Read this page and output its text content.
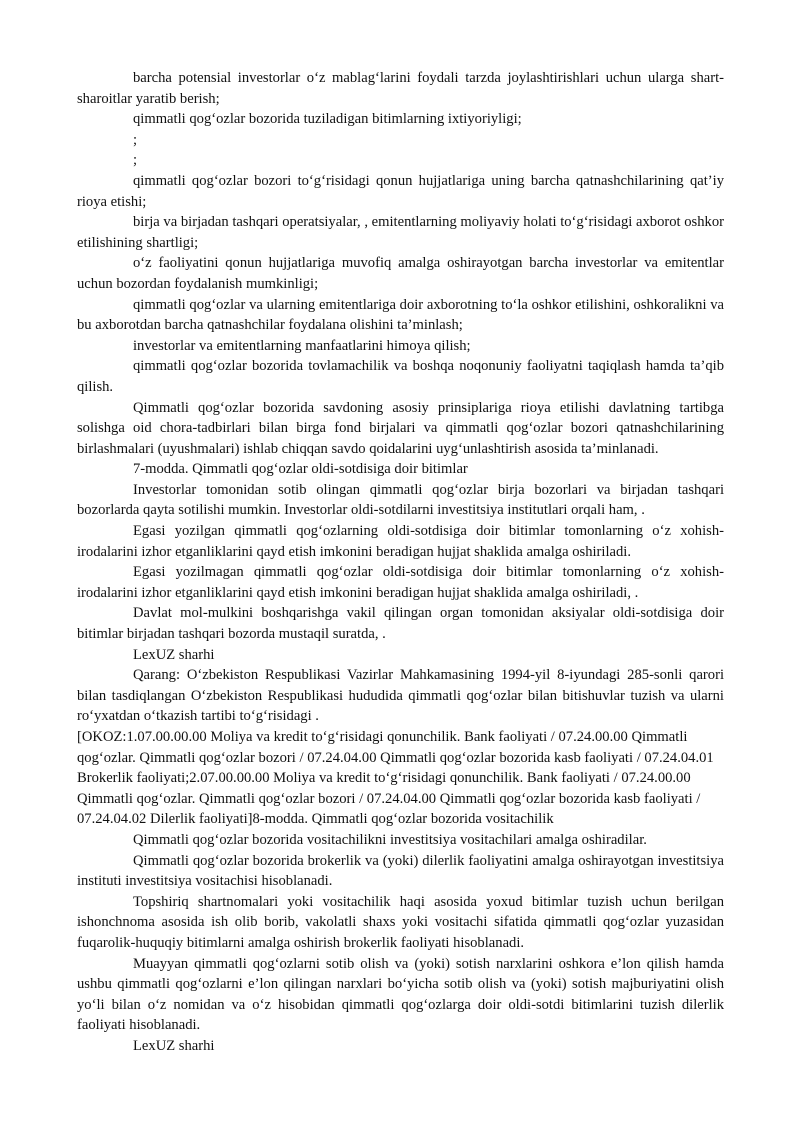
barcha potensial investorlar o‘z mablag‘larini foydali tarzda joylashtirishlari uchun ularga shart-sharoitlar yaratib berish;

qimmatli qog‘ozlar bozorida tuziladigan bitimlarning ixtiyoriyligi;

;

;

qimmatli qog‘ozlar bozori to‘g‘risidagi qonun hujjatlariga uning barcha qatnashchilarining qat’iy rioya etishi;

birja va birjadan tashqari operatsiyalar, , emitentlarning moliyaviy holati to‘g‘risidagi axborot oshkor etilishining shartligi;

o‘z faoliyatini qonun hujjatlariga muvofiq amalga oshirayotgan barcha investorlar va emitentlar uchun bozordan foydalanish mumkinligi;

qimmatli qog‘ozlar va ularning emitentlariga doir axborotning to‘la oshkor etilishini, oshkoralikni va bu axborotdan barcha qatnashchilar foydalana olishini ta’minlash;

investorlar va emitentlarning manfaatlarini himoya qilish;

qimmatli qog‘ozlar bozorida tovlamachilik va boshqa noqonuniy faoliyatni taqiqlash hamda ta’qib qilish.

Qimmatli qog‘ozlar bozorida savdoning asosiy prinsiplariga rioya etilishi davlatning tartibga solishga oid chora-tadbirlari bilan birga fond birjalari va qimmatli qog‘ozlar bozori qatnashchilarining birlashmalari (uyushmalari) ishlab chiqqan savdo qoidalarini uyg‘unlashtirish asosida ta’minlanadi.

7-modda. Qimmatli qog‘ozlar oldi-sotdisiga doir bitimlar

Investorlar tomonidan sotib olingan qimmatli qog‘ozlar birja bozorlari va birjadan tashqari bozorlarda qayta sotilishi mumkin. Investorlar oldi-sotdilarni investitsiya institutlari orqali ham, .

Egasi yozilgan qimmatli qog‘ozlarning oldi-sotdisiga doir bitimlar tomonlarning o‘z xohish-irodalarini izhor etganliklarini qayd etish imkonini beradigan hujjat shaklida amalga oshiriladi.

Egasi yozilmagan qimmatli qog‘ozlar oldi-sotdisiga doir bitimlar tomonlarning o‘z xohish-irodalarini izhor etganliklarini qayd etish imkonini beradigan hujjat shaklida amalga oshiriladi, .

Davlat mol-mulkini boshqarishga vakil qilingan organ tomonidan aksiyalar oldi-sotdisiga doir bitimlar birjadan tashqari bozorda mustaqil suratda, .

LexUZ sharhi

Qarang: O‘zbekiston Respublikasi Vazirlar Mahkamasining 1994-yil 8-iyundagi 285-sonli qarori bilan tasdiqlangan O‘zbekiston Respublikasi hududida qimmatli qog‘ozlar bilan bitishuvlar tuzish va ularni ro‘yxatdan o‘tkazish tartibi to‘g‘risidagi .

[OKOZ:1.07.00.00.00 Moliya va kredit to‘g‘risidagi qonunchilik. Bank faoliyati / 07.24.00.00 Qimmatli qog‘ozlar. Qimmatli qog‘ozlar bozori / 07.24.04.00 Qimmatli qog‘ozlar bozorida kasb faoliyati / 07.24.04.01 Brokerlik faoliyati;2.07.00.00.00 Moliya va kredit to‘g‘risidagi qonunchilik. Bank faoliyati / 07.24.00.00 Qimmatli qog‘ozlar. Qimmatli qog‘ozlar bozori / 07.24.04.00 Qimmatli qog‘ozlar bozorida kasb faoliyati / 07.24.04.02 Dilerlik faoliyati]8-modda. Qimmatli qog‘ozlar bozorida vositachilik

Qimmatli qog‘ozlar bozorida vositachilikni investitsiya vositachilari amalga oshiradilar.

Qimmatli qog‘ozlar bozorida brokerlik va (yoki) dilerlik faoliyatini amalga oshirayotgan investitsiya instituti investitsiya vositachisi hisoblanadi.

Topshiriq shartnomalari yoki vositachilik haqi asosida yoxud bitimlar tuzish uchun berilgan ishonchnoma asosida ish olib borib, vakolatli shaxs yoki vositachi sifatida qimmatli qog‘ozlar yuzasidan fuqarolik-huquqiy bitimlarni amalga oshirish brokerlik faoliyati hisoblanadi.

Muayyan qimmatli qog‘ozlarni sotib olish va (yoki) sotish narxlarini oshkora e’lon qilish hamda ushbu qimmatli qog‘ozlarni e’lon qilingan narxlari bo‘yicha sotib olish va (yoki) sotish majburiyatini olish yo‘li bilan o‘z nomidan va o‘z hisobidan qimmatli qog‘ozlarga doir oldi-sotdi bitimlarini tuzish dilerlik faoliyati hisoblanadi.

LexUZ sharhi
